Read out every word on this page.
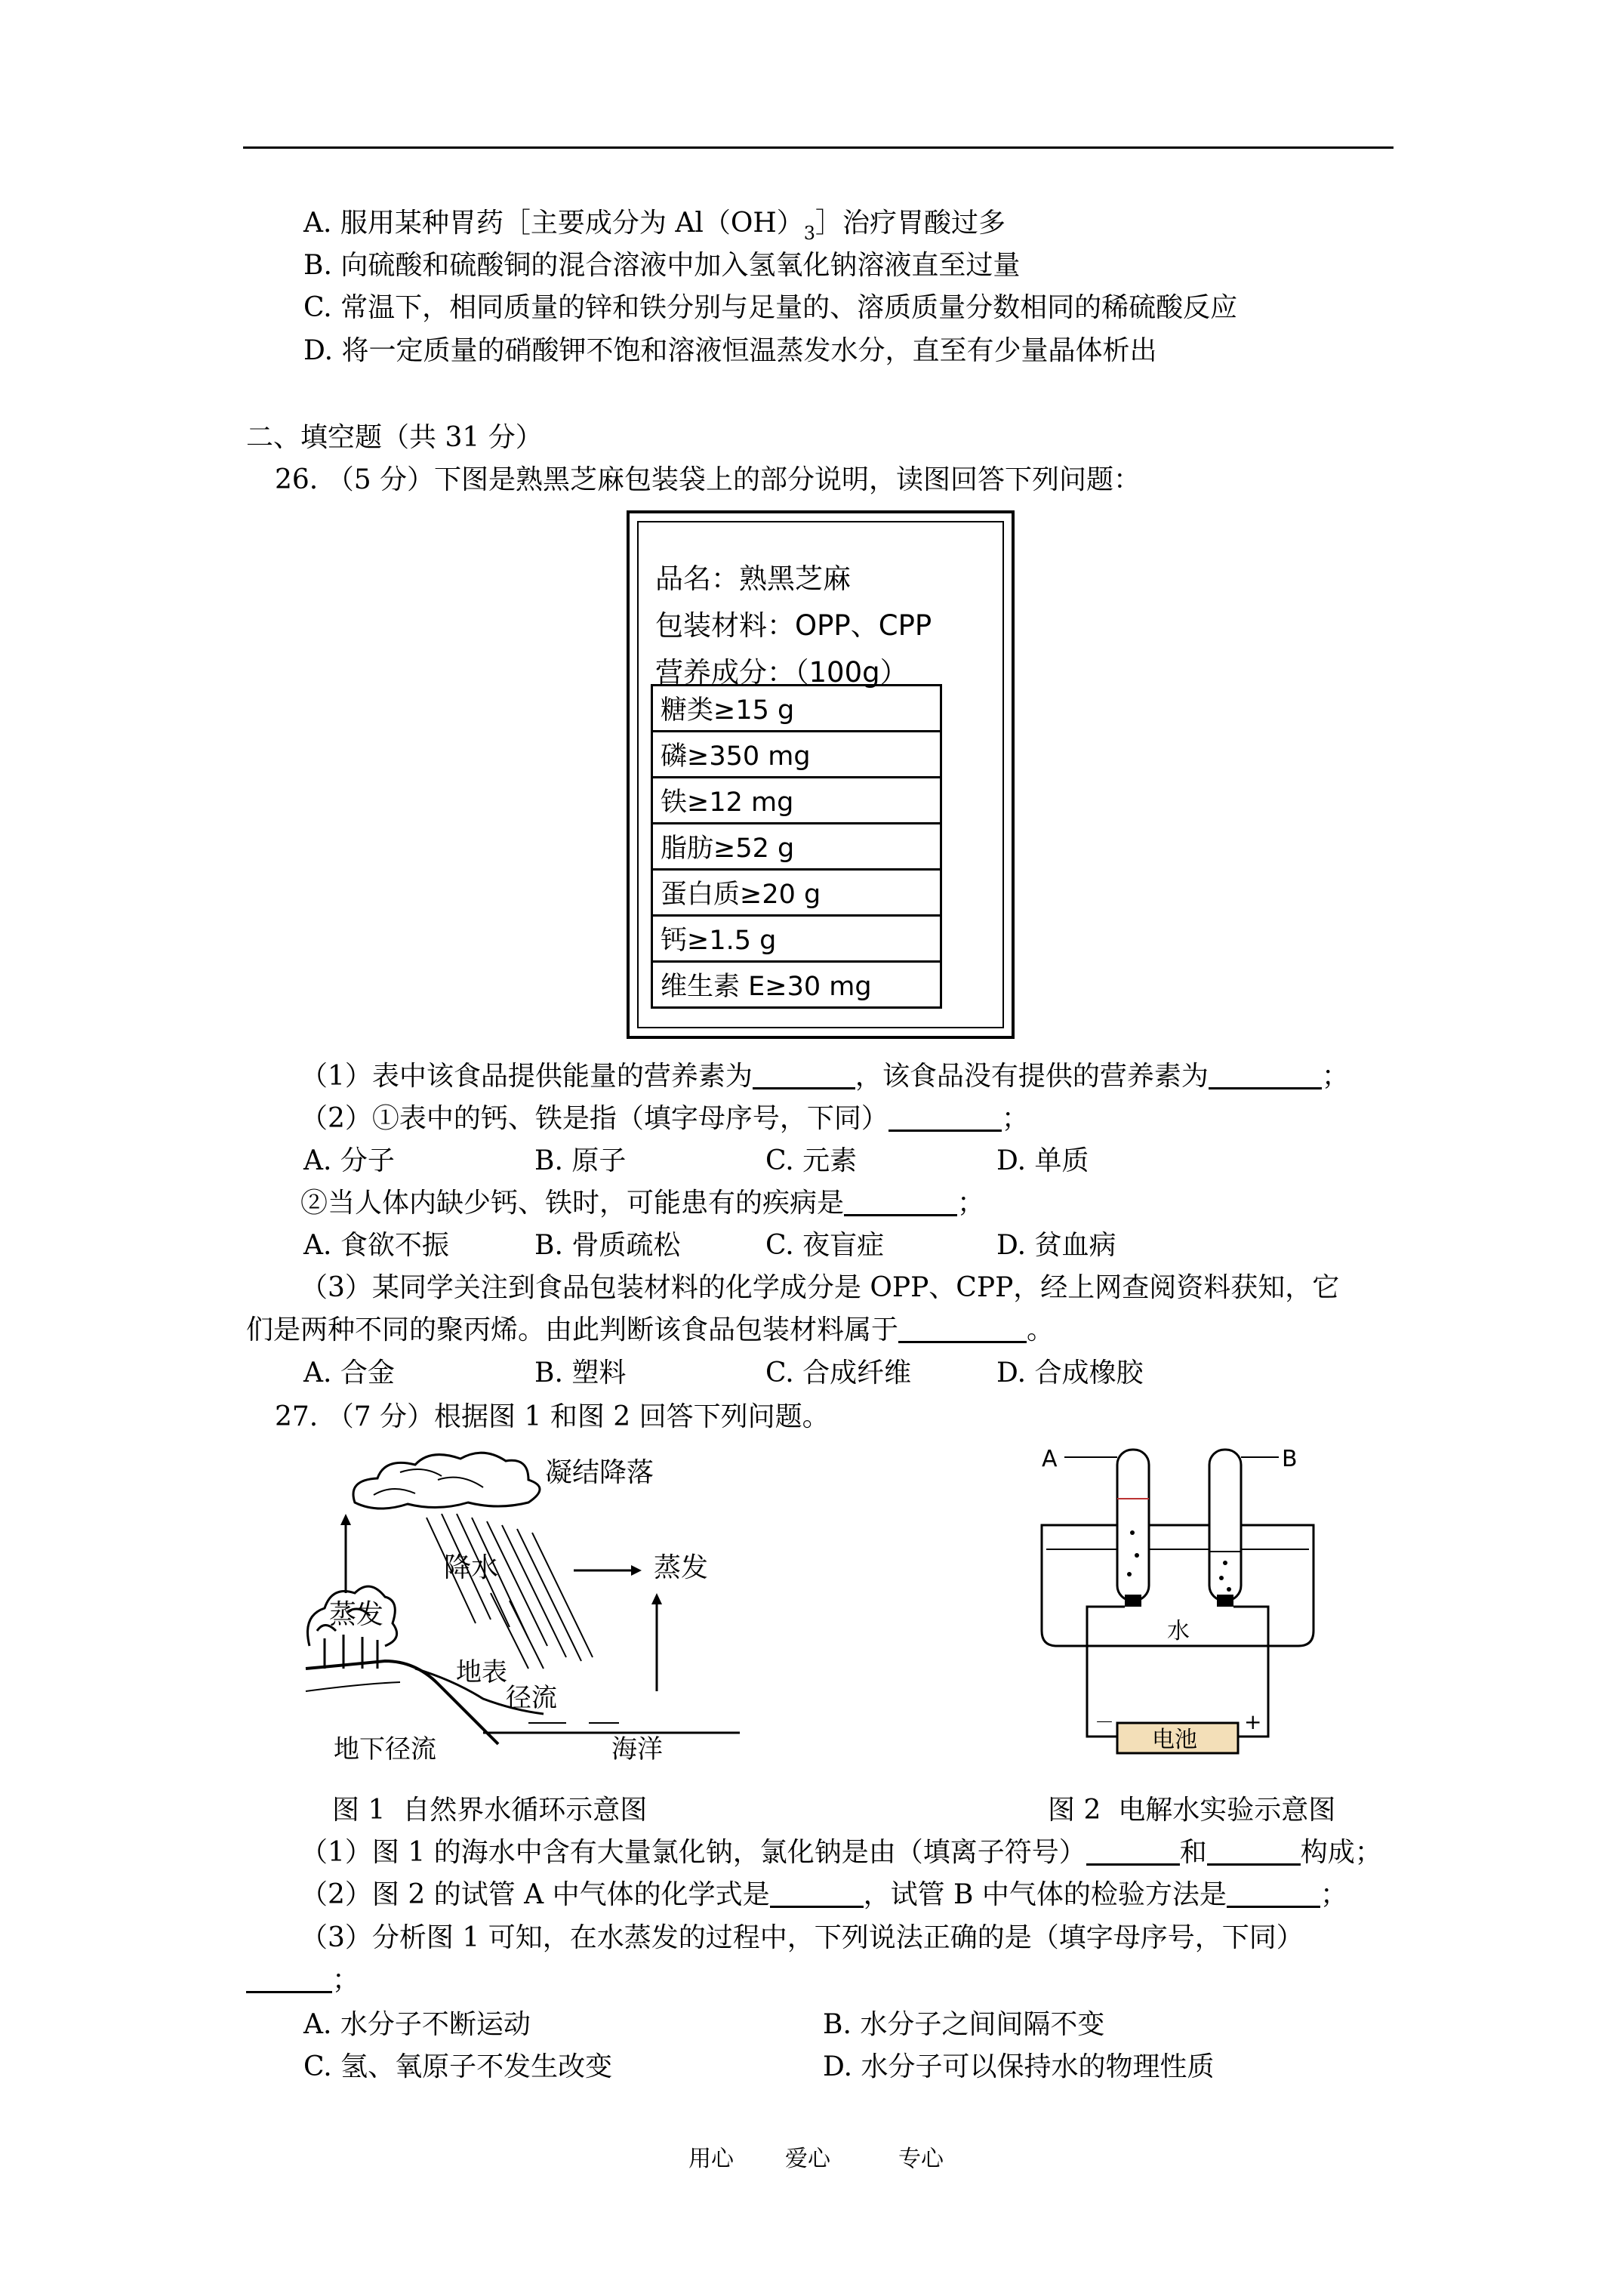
A. 服用某种胃药［主要成分为 $Al(OH)_3]$治疗胃酸过多
B. 向硫酸和硫酸铜的混合溶液中加入氢氧化钠溶液直至过量
C. 常温下，相同质量的锌和铁分别与足量的、溶质质量分数相同的稀硫酸反应
D. 将一定质量的硝酸钾不饱和溶液恒温蒸发水分，直至有少量晶体析出
二、填空题（共 31 分）
26. （5 分）下图是熟黑芝麻包装袋上的部分说明，读图回答下列问题：
品名：熟黑芝麻
包装材料：OPP、CPP
营养成分：（100g）
糖类≥15 g
磷≥350 mg
铁≥12 mg
脂肪≥52 g
蛋白质≥20 g
钙≥1.5 g
维生素 E≥30 mg
（1）表中该食品提供能量的营养素为	，该食品没有提供的营养素为	；
（2）①表中的钙、铁是指（填字母序号，下同）	；
A. 分子	B. 原子	C. 元素	D. 单质
②当人体内缺少钙、铁时，可能患有的疾病是	；
A. 食欲不振	B. 骨质疏松	C. 夜盲症	D. 贫血病
（3）某同学关注到食品包装材料的化学成分是 OPP、CPP，经上网查阅资料获知，它
们是两种不同的聚丙烯。由此判断该食品包装材料属于	。
A. 合金	B. 塑料	C. 合成纤维	D. 合成橡胶
27. （7 分）根据图 1 和图 2 回答下列问题。
凝结降落
蒸发
降水	蒸发
地表
径流
地下径流	海洋
A	B
水
电池
－	+
图 1  自然界水循环示意图	图 2  电解水实验示意图
（1）图 1 的海水中含有大量氯化钠，氯化钠是由（填离子符号）	和	构成；
（2）图 2 的试管 A 中气体的化学式是	，试管 B 中气体的检验方法是	；
（3）分析图 1 可知，在水蒸发的过程中，下列说法正确的是（填字母序号，下同）
；
A. 水分子不断运动	B. 水分子之间间隔不变
C. 氢、氧原子不发生改变	D. 水分子可以保持水的物理性质
用心 爱心	专心
